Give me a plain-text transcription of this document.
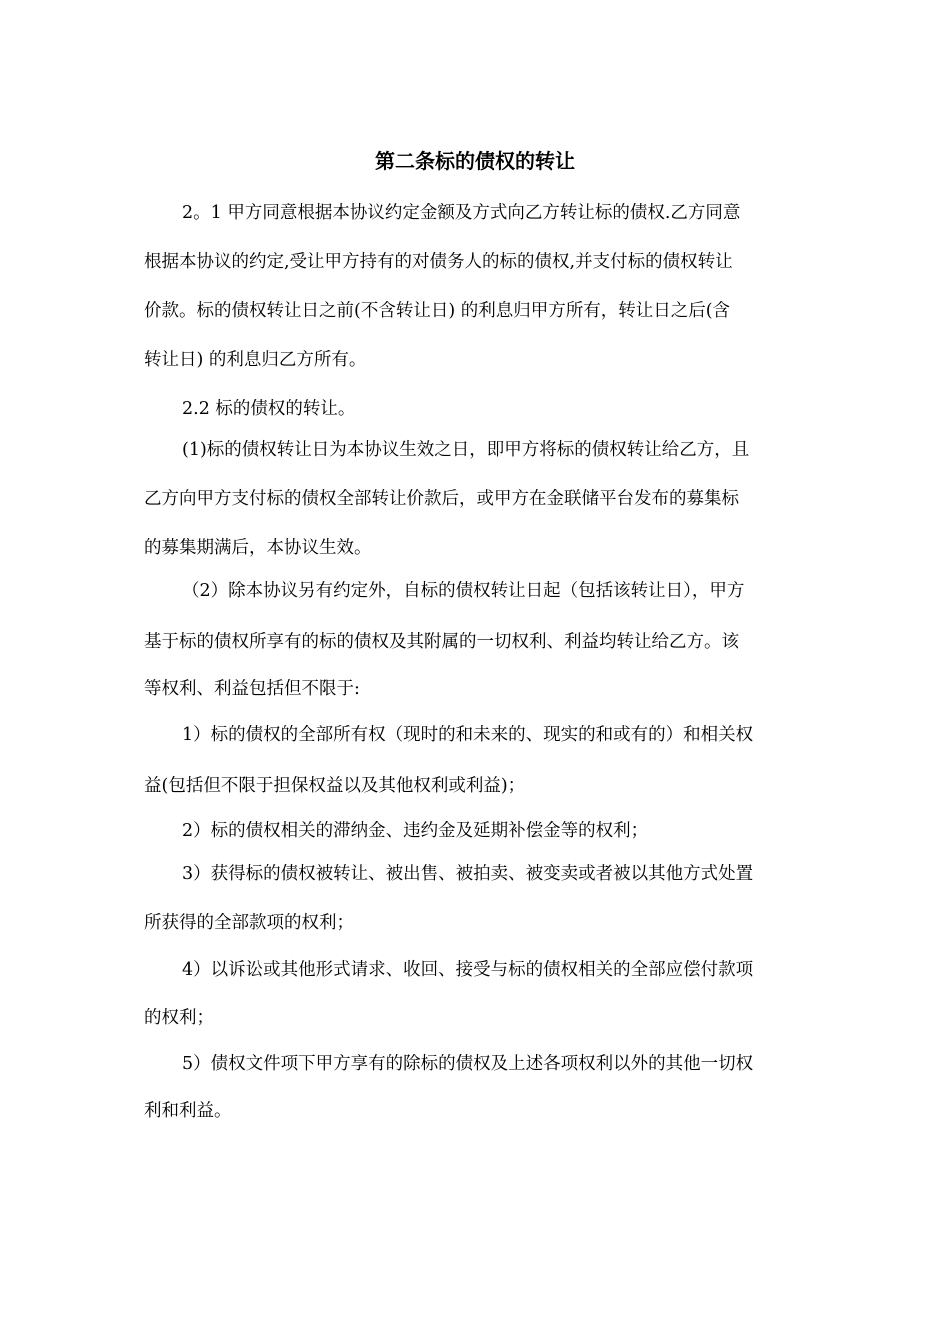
第二条标的债权的转让
2。1 甲方同意根据本协议约定金额及方式向乙方转让标的债权.乙方同意
根据本协议的约定,受让甲方持有的对债务人的标的债权,并支付标的债权转让
价款。标的债权转让日之前(不含转让日) 的利息归甲方所有，转让日之后(含
转让日) 的利息归乙方所有。
2.2 标的债权的转让。
(1)标的债权转让日为本协议生效之日，即甲方将标的债权转让给乙方，且
乙方向甲方支付标的债权全部转让价款后，或甲方在金联储平台发布的募集标
的募集期满后，本协议生效。
（2）除本协议另有约定外，自标的债权转让日起（包括该转让日），甲方
基于标的债权所享有的标的债权及其附属的一切权利、利益均转让给乙方。该
等权利、利益包括但不限于:
1）标的债权的全部所有权（现时的和未来的、现实的和或有的）和相关权
益(包括但不限于担保权益以及其他权利或利益)；
2）标的债权相关的滞纳金、违约金及延期补偿金等的权利；
3）获得标的债权被转让、被出售、被拍卖、被变卖或者被以其他方式处置
所获得的全部款项的权利；
4）以诉讼或其他形式请求、收回、接受与标的债权相关的全部应偿付款项
的权利；
5）债权文件项下甲方享有的除标的债权及上述各项权利以外的其他一切权
利和利益。
